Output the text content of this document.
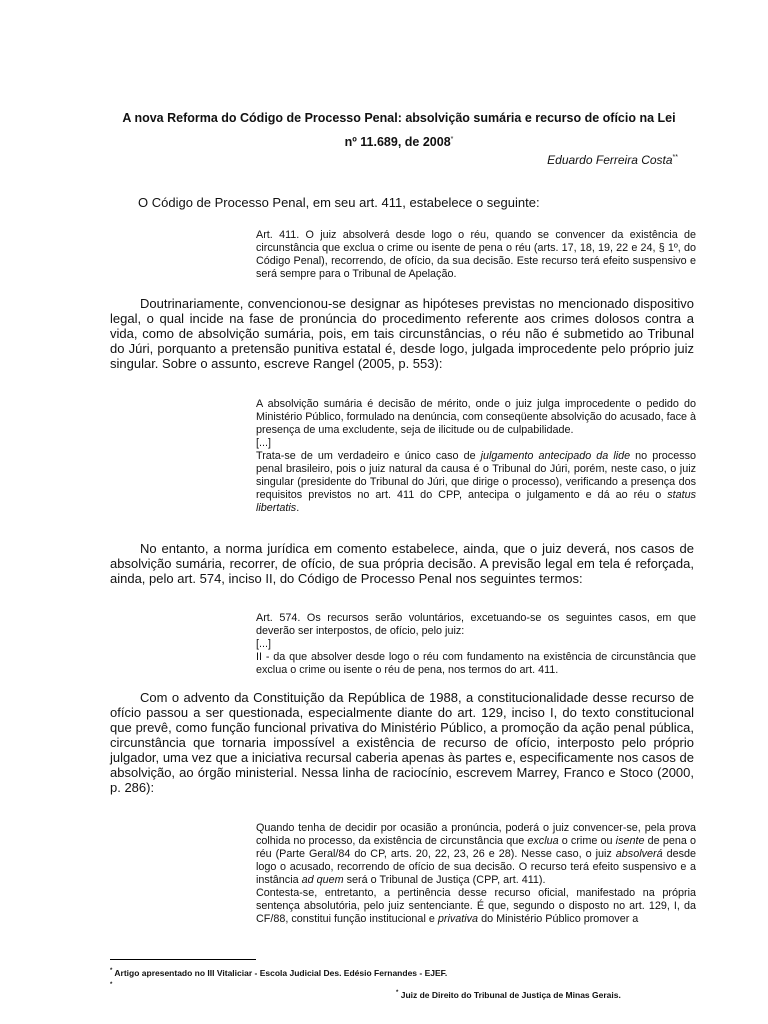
A nova Reforma do Código de Processo Penal: absolvição sumária e recurso de ofício na Lei
nº 11.689, de 2008*
Eduardo Ferreira Costa**

O Código de Processo Penal, em seu art. 411, estabelece o seguinte:

Art. 411. O juiz absolverá desde logo o réu, quando se convencer da existência de circunstância que exclua o crime ou isente de pena o réu (arts. 17, 18, 19, 22 e 24, § 1º, do Código Penal), recorrendo, de ofício, da sua decisão. Este recurso terá efeito suspensivo e será sempre para o Tribunal de Apelação.

Doutrinariamente, convencionou-se designar as hipóteses previstas no mencionado dispositivo legal, o qual incide na fase de pronúncia do procedimento referente aos crimes dolosos contra a vida, como de absolvição sumária, pois, em tais circunstâncias, o réu não é submetido ao Tribunal do Júri, porquanto a pretensão punitiva estatal é, desde logo, julgada improcedente pelo próprio juiz singular. Sobre o assunto, escreve Rangel (2005, p. 553):

A absolvição sumária é decisão de mérito, onde o juiz julga improcedente o pedido do Ministério Público, formulado na denúncia, com conseqüente absolvição do acusado, face à presença de uma excludente, seja de ilicitude ou de culpabilidade.
[...]
Trata-se de um verdadeiro e único caso de julgamento antecipado da lide no processo penal brasileiro, pois o juiz natural da causa é o Tribunal do Júri, porém, neste caso, o juiz singular (presidente do Tribunal do Júri, que dirige o processo), verificando a presença dos requisitos previstos no art. 411 do CPP, antecipa o julgamento e dá ao réu o status libertatis.

No entanto, a norma jurídica em comento estabelece, ainda, que o juiz deverá, nos casos de absolvição sumária, recorrer, de ofício, de sua própria decisão. A previsão legal em tela é reforçada, ainda, pelo art. 574, inciso II, do Código de Processo Penal nos seguintes termos:

Art. 574. Os recursos serão voluntários, excetuando-se os seguintes casos, em que deverão ser interpostos, de ofício, pelo juiz:
[...]
II - da que absolver desde logo o réu com fundamento na existência de circunstância que exclua o crime ou isente o réu de pena, nos termos do art. 411.

Com o advento da Constituição da República de 1988, a constitucionalidade desse recurso de ofício passou a ser questionada, especialmente diante do art. 129, inciso I, do texto constitucional que prevê, como função funcional privativa do Ministério Público, a promoção da ação penal pública, circunstância que tornaria impossível a existência de recurso de ofício, interposto pelo próprio julgador, uma vez que a iniciativa recursal caberia apenas às partes e, especificamente nos casos de absolvição, ao órgão ministerial. Nessa linha de raciocínio, escrevem Marrey, Franco e Stoco (2000, p. 286):

Quando tenha de decidir por ocasião a pronúncia, poderá o juiz convencer-se, pela prova colhida no processo, da existência de circunstância que exclua o crime ou isente de pena o réu (Parte Geral/84 do CP, arts. 20, 22, 23, 26 e 28). Nesse caso, o juiz absolverá desde logo o acusado, recorrendo de ofício de sua decisão. O recurso terá efeito suspensivo e a instância ad quem será o Tribunal de Justiça (CPP, art. 411).
Contesta-se, entretanto, a pertinência desse recurso oficial, manifestado na própria sentença absolutória, pelo juiz sentenciante. É que, segundo o disposto no art. 129, I, da CF/88, constitui função institucional e privativa do Ministério Público promover a
* Artigo apresentado no III Vitaliciar - Escola Judicial Des. Edésio Fernandes - EJEF.
*
* Juiz de Direito do Tribunal de Justiça de Minas Gerais.
